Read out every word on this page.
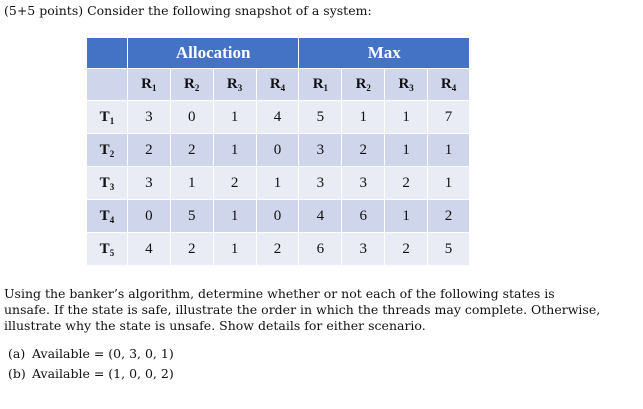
(5+5 points) Consider the following snapshot of a system:
	Allocation				Max			
	$R_1$	$R_2$	$R_3$	$R_4$	$R_1$	$R_2$	$R_3$	$R_4$
$T_1$	3	0	1	4	5	1	1	7
$T_2$	2	2	1	0	3	2	1	1
$T_3$	3	1	2	1	3	3	2	1
$T_4$	0	5	1	0	4	6	1	2
$T_5$	4	2	1	2	6	3	2	5
Using the banker’s algorithm, determine whether or not each of the following states is unsafe. If the state is safe, illustrate the order in which the threads may complete. Otherwise, illustrate why the state is unsafe. Show details for either scenario.
(a) Available = (0, 3, 0, 1)
(b) Available = (1, 0, 0, 2)
